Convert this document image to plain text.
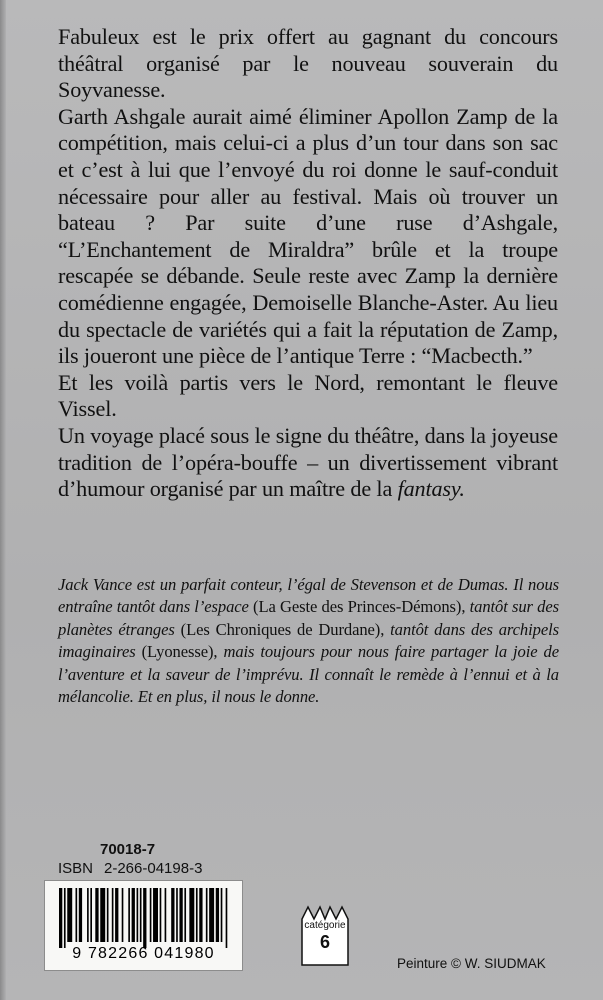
Fabuleux est le prix offert au gagnant du concours théâtral organisé par le nouveau souverain du Soyvanesse.

Garth Ashgale aurait aimé éliminer Apollon Zamp de la compétition, mais celui-ci a plus d’un tour dans son sac et c’est à lui que l’envoyé du roi donne le sauf-conduit nécessaire pour aller au festival. Mais où trouver un bateau ? Par suite d’une ruse d’Ashgale, “L’Enchantement de Miraldra” brûle et la troupe rescapée se débande. Seule reste avec Zamp la dernière comédienne engagée, Demoiselle Blanche-Aster. Au lieu du spectacle de variétés qui a fait la réputation de Zamp, ils joueront une pièce de l’antique Terre : “Macbecth.”

Et les voilà partis vers le Nord, remontant le fleuve Vissel.

Un voyage placé sous le signe du théâtre, dans la joyeuse tradition de l’opéra-bouffe – un divertissement vibrant d’humour organisé par un maître de la fantasy.

Jack Vance est un parfait conteur, l’égal de Stevenson et de Dumas. Il nous entraîne tantôt dans l’espace (La Geste des Princes-Démons), tantôt sur des planètes étranges (Les Chroniques de Durdane), tantôt dans des archipels imaginaires (Lyonesse), mais toujours pour nous faire partager la joie de l’aventure et la saveur de l’imprévu. Il connaît le remède à l’ennui et à la mélancolie. Et en plus, il nous le donne.

70018-7
ISBN 2-266-04198-3
9 782266 041980
catégorie
6
Peinture © W. SIUDMAK
